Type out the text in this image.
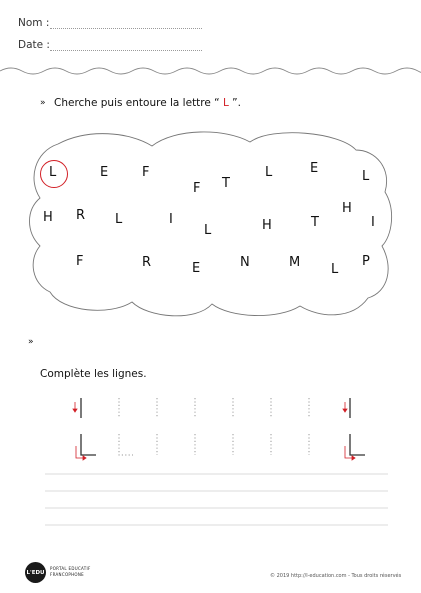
Nom :
Date :
» Cherche puis entoure la lettre “ L ”.
L	E	F
F T
L	E
L
H R L	I
L	H	T
H
I
F	R	E	N	M L
P
»
Complète les lignes.
L'EDU
PORTAL EDUCATIF
FRANCOPHONE	© 2019 http://l-education.com - Tous droits réservés
